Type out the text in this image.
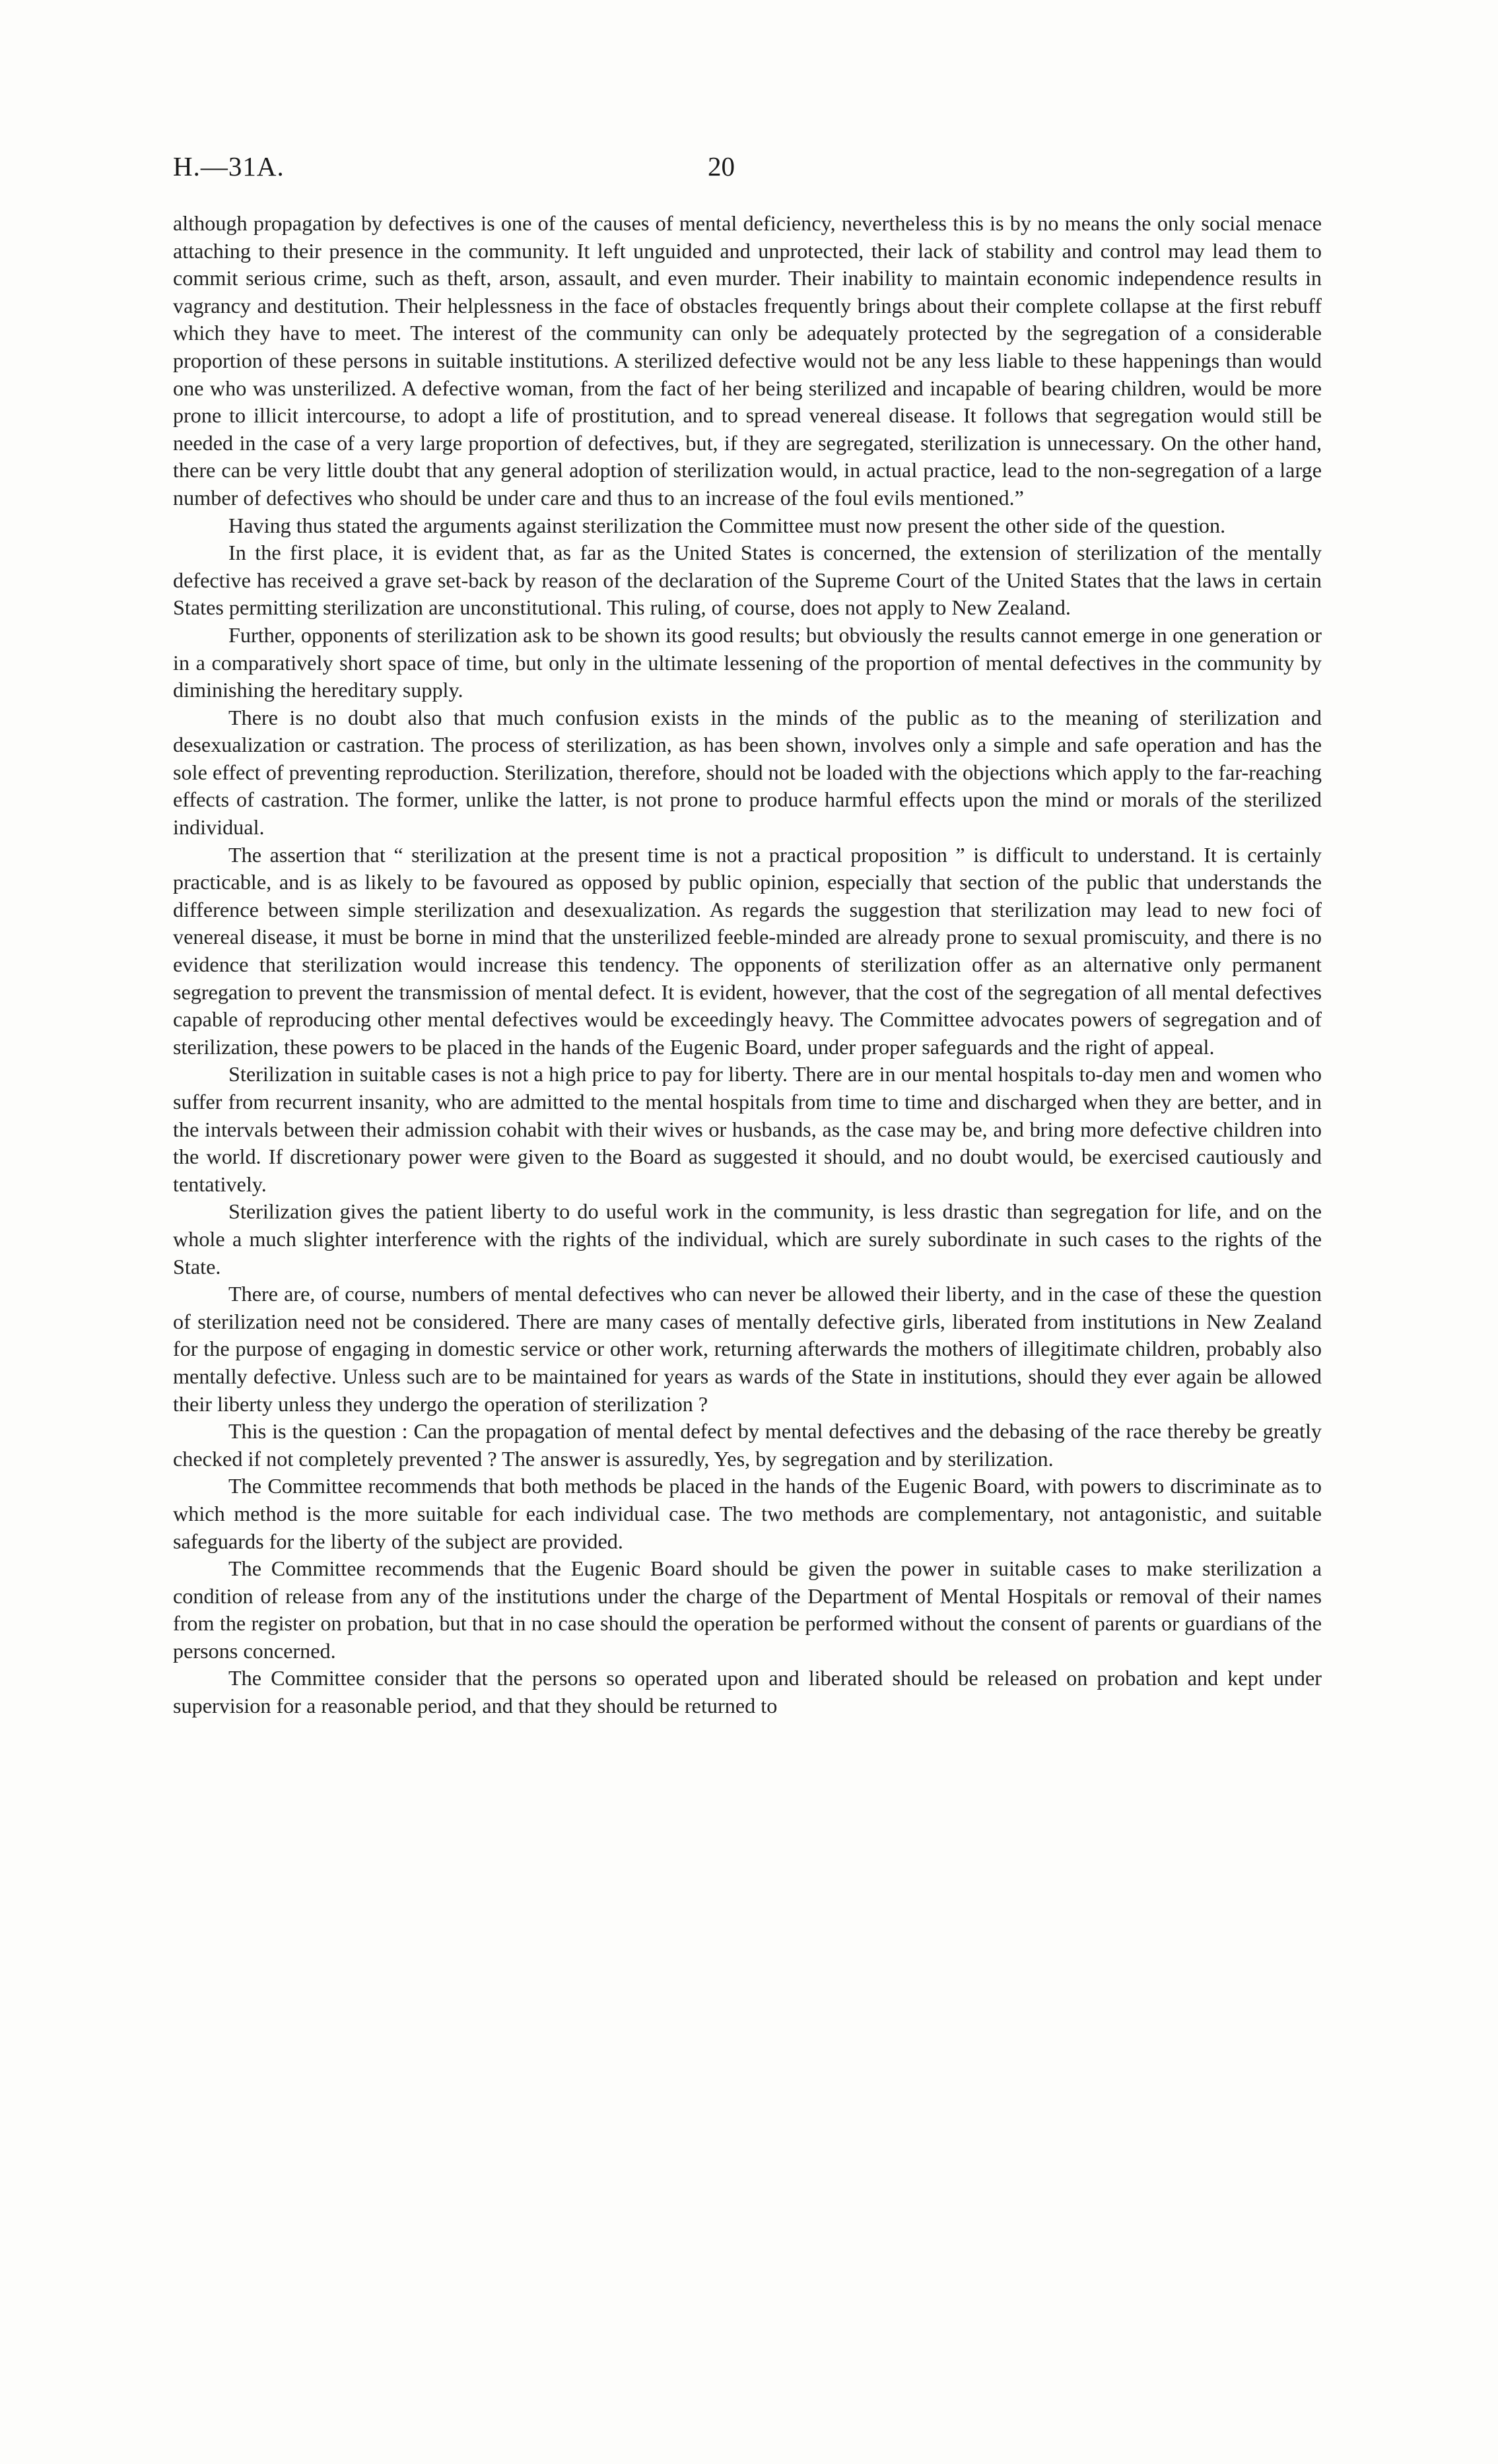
H.—31A.	20

although propagation by defectives is one of the causes of mental deficiency, nevertheless this is by no means the only social menace attaching to their presence in the community. It left unguided and unprotected, their lack of stability and control may lead them to commit serious crime, such as theft, arson, assault, and even murder. Their inability to maintain economic independence results in vagrancy and destitution. Their helplessness in the face of obstacles frequently brings about their complete collapse at the first rebuff which they have to meet. The interest of the community can only be adequately protected by the segregation of a considerable proportion of these persons in suitable institutions. A sterilized defective would not be any less liable to these happenings than would one who was unsterilized. A defective woman, from the fact of her being sterilized and incapable of bearing children, would be more prone to illicit intercourse, to adopt a life of prostitution, and to spread venereal disease. It follows that segregation would still be needed in the case of a very large proportion of defectives, but, if they are segregated, sterilization is unnecessary. On the other hand, there can be very little doubt that any general adoption of sterilization would, in actual practice, lead to the non-segregation of a large number of defectives who should be under care and thus to an increase of the foul evils mentioned.”

Having thus stated the arguments against sterilization the Committee must now present the other side of the question.

In the first place, it is evident that, as far as the United States is concerned, the extension of sterilization of the mentally defective has received a grave set-back by reason of the declaration of the Supreme Court of the United States that the laws in certain States permitting sterilization are unconstitutional. This ruling, of course, does not apply to New Zealand.

Further, opponents of sterilization ask to be shown its good results; but obviously the results cannot emerge in one generation or in a comparatively short space of time, but only in the ultimate lessening of the proportion of mental defectives in the community by diminishing the hereditary supply.

There is no doubt also that much confusion exists in the minds of the public as to the meaning of sterilization and desexualization or castration. The process of sterilization, as has been shown, involves only a simple and safe operation and has the sole effect of preventing reproduction. Sterilization, therefore, should not be loaded with the objections which apply to the far-reaching effects of castration. The former, unlike the latter, is not prone to produce harmful effects upon the mind or morals of the sterilized individual.

The assertion that “ sterilization at the present time is not a practical proposition ” is difficult to understand. It is certainly practicable, and is as likely to be favoured as opposed by public opinion, especially that section of the public that understands the difference between simple sterilization and desexualization. As regards the suggestion that sterilization may lead to new foci of venereal disease, it must be borne in mind that the unsterilized feeble-minded are already prone to sexual promiscuity, and there is no evidence that sterilization would increase this tendency. The opponents of sterilization offer as an alternative only permanent segregation to prevent the transmission of mental defect. It is evident, however, that the cost of the segregation of all mental defectives capable of reproducing other mental defectives would be exceedingly heavy. The Committee advocates powers of segregation and of sterilization, these powers to be placed in the hands of the Eugenic Board, under proper safeguards and the right of appeal.

Sterilization in suitable cases is not a high price to pay for liberty. There are in our mental hospitals to-day men and women who suffer from recurrent insanity, who are admitted to the mental hospitals from time to time and discharged when they are better, and in the intervals between their admission cohabit with their wives or husbands, as the case may be, and bring more defective children into the world. If discretionary power were given to the Board as suggested it should, and no doubt would, be exercised cautiously and tentatively.

Sterilization gives the patient liberty to do useful work in the community, is less drastic than segregation for life, and on the whole a much slighter interference with the rights of the individual, which are surely subordinate in such cases to the rights of the State.

There are, of course, numbers of mental defectives who can never be allowed their liberty, and in the case of these the question of sterilization need not be considered. There are many cases of mentally defective girls, liberated from institutions in New Zealand for the purpose of engaging in domestic service or other work, returning afterwards the mothers of illegitimate children, probably also mentally defective. Unless such are to be maintained for years as wards of the State in institutions, should they ever again be allowed their liberty unless they undergo the operation of sterilization ?

This is the question : Can the propagation of mental defect by mental defectives and the debasing of the race thereby be greatly checked if not completely prevented ? The answer is assuredly, Yes, by segregation and by sterilization.

The Committee recommends that both methods be placed in the hands of the Eugenic Board, with powers to discriminate as to which method is the more suitable for each individual case. The two methods are complementary, not antagonistic, and suitable safeguards for the liberty of the subject are provided.

The Committee recommends that the Eugenic Board should be given the power in suitable cases to make sterilization a condition of release from any of the institutions under the charge of the Department of Mental Hospitals or removal of their names from the register on probation, but that in no case should the operation be performed without the consent of parents or guardians of the persons concerned.

The Committee consider that the persons so operated upon and liberated should be released on probation and kept under supervision for a reasonable period, and that they should be returned to
